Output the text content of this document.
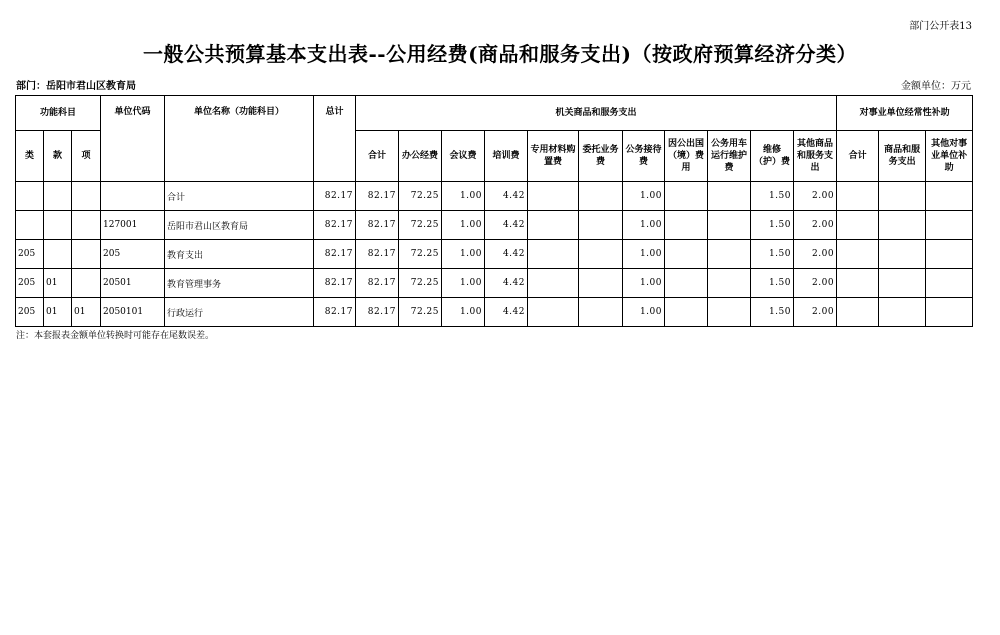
部门公开表13
一般公共预算基本支出表--公用经费(商品和服务支出)（按政府预算经济分类）
部门：岳阳市君山区教育局	金额单位：万元
功能科目			单位代码	单位名称（功能科目）	总计	机关商品和服务支出											对事业单位经常性补助		
类	款	项				合计	办公经费	会议费	培训费	专用材料购置费	委托业务费	公务接待费	因公出国（境）费用	公务用车运行维护费	维修（护）费	其他商品和服务支出	合计	商品和服务支出	其他对事业单位补助
				合计	82.17	82.17	72.25	1.00	4.42			1.00			1.50	2.00			
			127001	岳阳市君山区教育局	82.17	82.17	72.25	1.00	4.42			1.00			1.50	2.00			
205			205	教育支出	82.17	82.17	72.25	1.00	4.42			1.00			1.50	2.00			
205	01		20501	教育管理事务	82.17	82.17	72.25	1.00	4.42			1.00			1.50	2.00			
205	01	01	2050101	行政运行	82.17	82.17	72.25	1.00	4.42			1.00			1.50	2.00			
注：本套报表金额单位转换时可能存在尾数误差。
